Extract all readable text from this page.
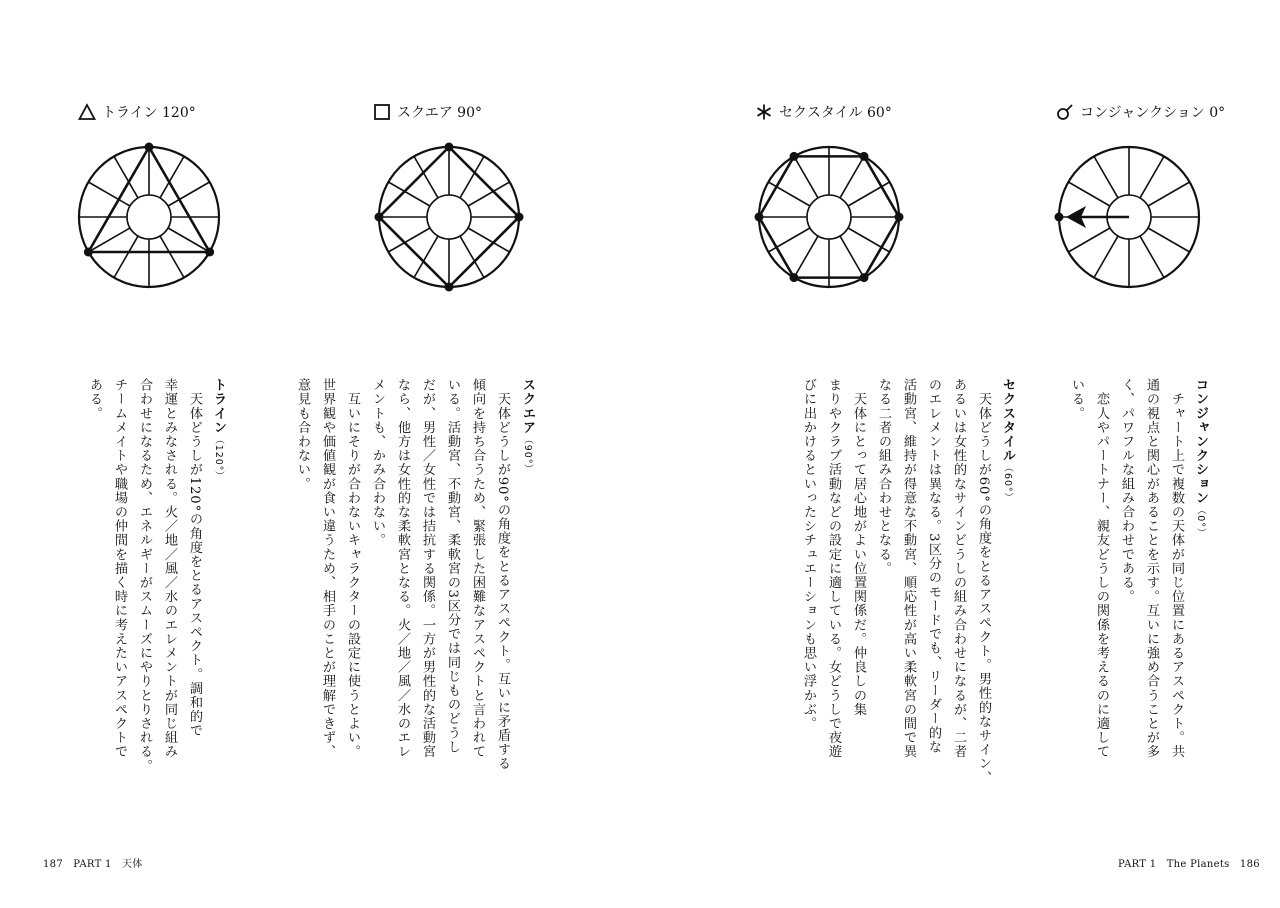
トライン 120°	スクエア 90°	セクスタイル 60°	コンジャンクション 0°
コンジャンクション（0°）
　チャート上で複数の天体が同じ位置にあるアスペクト。共
通の視点と関心があることを示す。互いに強め合うことが多
く、パワフルな組み合わせである。
　恋人やパートナー、親友どうしの関係を考えるのに適して
いる。
セクスタイル（60°）
　天体どうしが60°の角度をとるアスペクト。男性的なサイン、
あるいは女性的なサインどうしの組み合わせになるが、二者
のエレメントは異なる。3区分のモードでも、リーダー的な
活動宮、維持が得意な不動宮、順応性が高い柔軟宮の間で異
なる二者の組み合わせとなる。
　天体にとって居心地がよい位置関係だ。仲良しの集
まりやクラブ活動などの設定に適している。女どうしで夜遊
びに出かけるといったシチュエーションも思い浮かぶ。
スクエア（90°）
　天体どうしが90°の角度をとるアスペクト。互いに矛盾する
傾向を持ち合うため、緊張した困難なアスペクトと言われて
いる。活動宮、不動宮、柔軟宮の3区分では同じものどうし
だが、男性／女性では拮抗する関係。一方が男性的な活動宮
なら、他方は女性的な柔軟宮となる。火／地／風／水のエレ
メントも、かみ合わない。
　互いにそりが合わないキャラクターの設定に使うとよい。
世界観や価値観が食い違うため、相手のことが理解できず、
意見も合わない。
トライン（120°）
　天体どうしが120°の角度をとるアスペクト。調和的で
幸運とみなされる。火／地／風／水のエレメントが同じ組み
合わせになるため、エネルギーがスムーズにやりとりされる。
チームメイトや職場の仲間を描く時に考えたいアスペクトで
ある。
187　PART 1　天体	PART 1　The Planets　186
